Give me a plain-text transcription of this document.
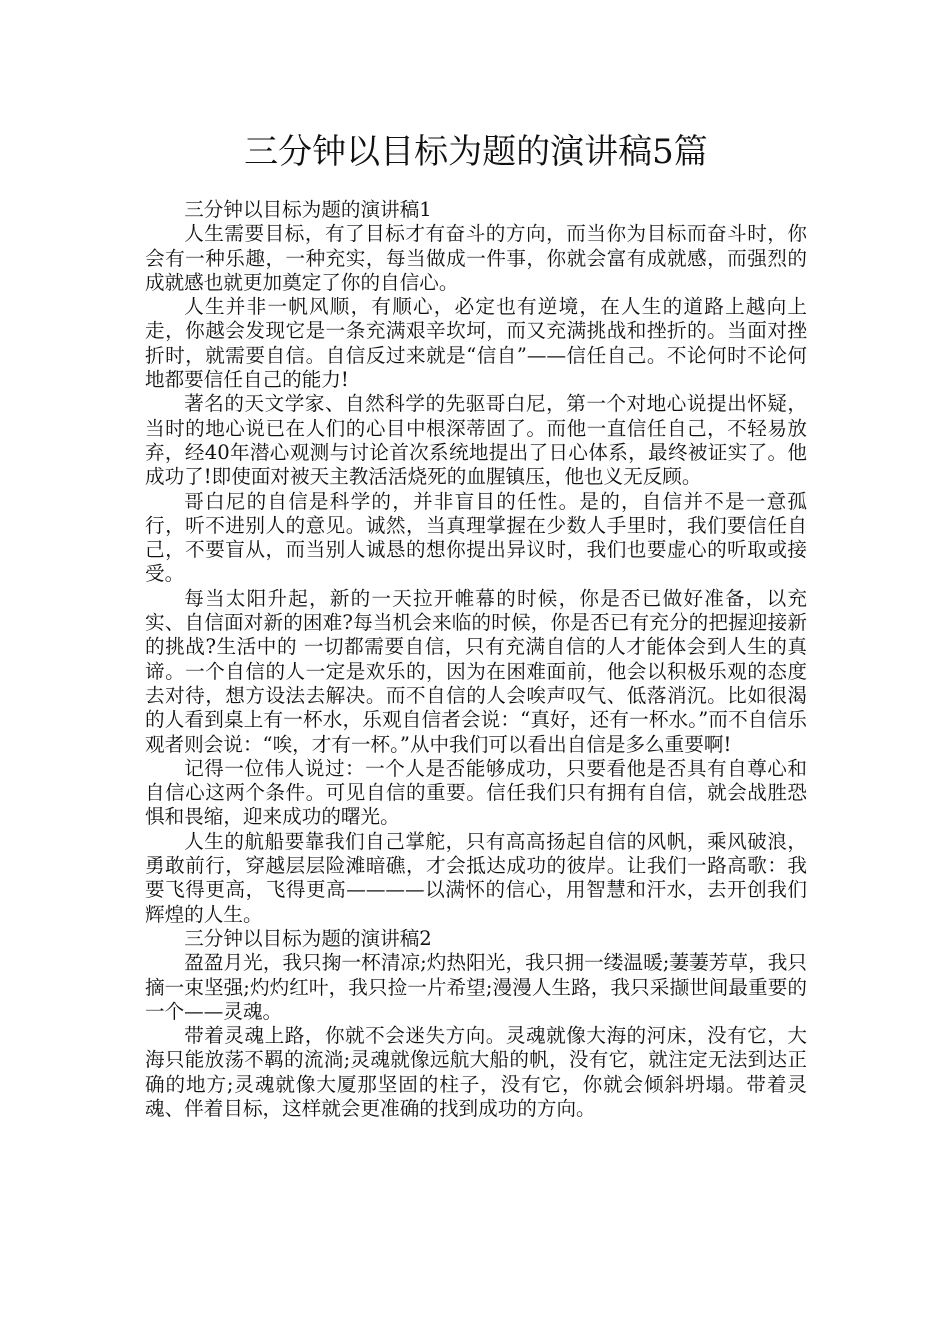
三分钟以目标为题的演讲稿5篇

三分钟以目标为题的演讲稿1

人生需要目标，有了目标才有奋斗的方向，而当你为目标而奋斗时，你会有一种乐趣，一种充实，每当做成一件事，你就会富有成就感，而强烈的成就感也就更加奠定了你的自信心。

人生并非一帆风顺，有顺心，必定也有逆境，在人生的道路上越向上走，你越会发现它是一条充满艰辛坎坷，而又充满挑战和挫折的。当面对挫折时，就需要自信。自信反过来就是“信自”——信任自己。不论何时不论何地都要信任自己的能力!

著名的天文学家、自然科学的先驱哥白尼，第一个对地心说提出怀疑，当时的地心说已在人们的心目中根深蒂固了。而他一直信任自己，不轻易放弃，经40年潜心观测与讨论首次系统地提出了日心体系，最终被证实了。他成功了!即使面对被天主教活活烧死的血腥镇压，他也义无反顾。

哥白尼的自信是科学的，并非盲目的任性。是的，自信并不是一意孤行，听不进别人的意见。诚然，当真理掌握在少数人手里时，我们要信任自己，不要盲从，而当别人诚恳的想你提出异议时，我们也要虚心的听取或接受。

每当太阳升起，新的一天拉开帷幕的时候，你是否已做好准备，以充实、自信面对新的困难?每当机会来临的时候，你是否已有充分的把握迎接新的挑战?生活中的 一切都需要自信，只有充满自信的人才能体会到人生的真谛。一个自信的人一定是欢乐的，因为在困难面前，他会以积极乐观的态度去对待，想方设法去解决。而不自信的人会唉声叹气、低落消沉。比如很渴的人看到桌上有一杯水，乐观自信者会说：“真好，还有一杯水。”而不自信乐观者则会说：“唉，才有一杯。”从中我们可以看出自信是多么重要啊!

记得一位伟人说过：一个人是否能够成功，只要看他是否具有自尊心和自信心这两个条件。可见自信的重要。信任我们只有拥有自信，就会战胜恐惧和畏缩，迎来成功的曙光。

人生的航船要靠我们自己掌舵，只有高高扬起自信的风帆，乘风破浪，勇敢前行，穿越层层险滩暗礁，才会抵达成功的彼岸。让我们一路高歌：我要飞得更高，飞得更高————以满怀的信心，用智慧和汗水，去开创我们辉煌的人生。

三分钟以目标为题的演讲稿2

盈盈月光，我只掬一杯清凉;灼热阳光，我只拥一缕温暖;萋萋芳草，我只摘一束坚强;灼灼红叶，我只捡一片希望;漫漫人生路，我只采撷世间最重要的一个——灵魂。

带着灵魂上路，你就不会迷失方向。灵魂就像大海的河床，没有它，大海只能放荡不羁的流淌;灵魂就像远航大船的帆，没有它，就注定无法到达正确的地方;灵魂就像大厦那坚固的柱子，没有它，你就会倾斜坍塌。带着灵魂、伴着目标，这样就会更准确的找到成功的方向。
